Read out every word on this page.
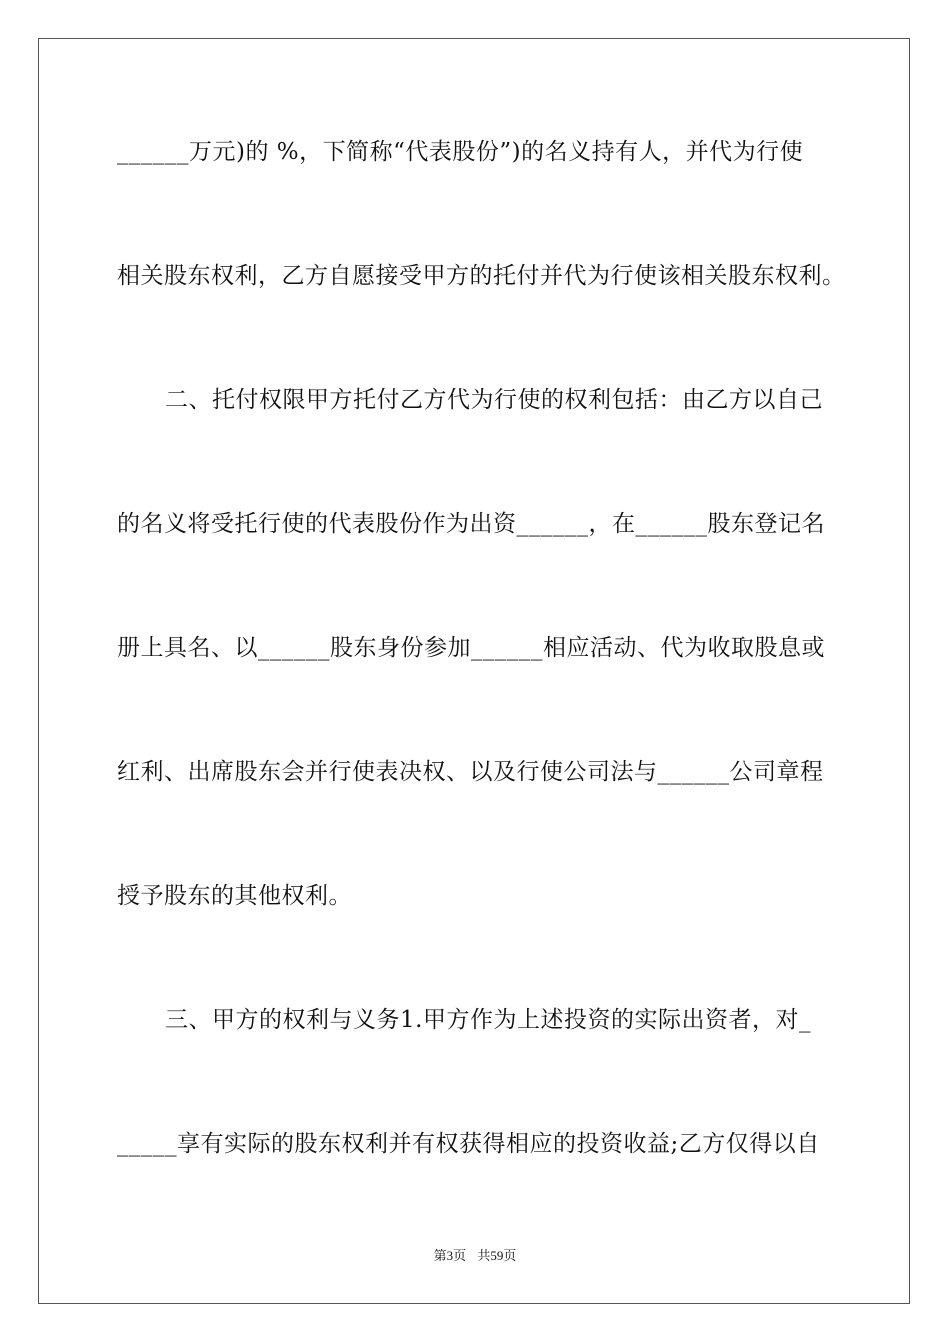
______万元)的 %，下简称“代表股份”)的名义持有人，并代为行使
相关股东权利，乙方自愿接受甲方的托付并代为行使该相关股东权利。
二、托付权限甲方托付乙方代为行使的权利包括：由乙方以自己
的名义将受托行使的代表股份作为出资______，在______股东登记名
册上具名、以______股东身份参加______相应活动、代为收取股息或
红利、出席股东会并行使表决权、以及行使公司法与______公司章程
授予股东的其他权利。
三、甲方的权利与义务1.甲方作为上述投资的实际出资者，对_
_____享有实际的股东权利并有权获得相应的投资收益;乙方仅得以自
第3页 共59页
